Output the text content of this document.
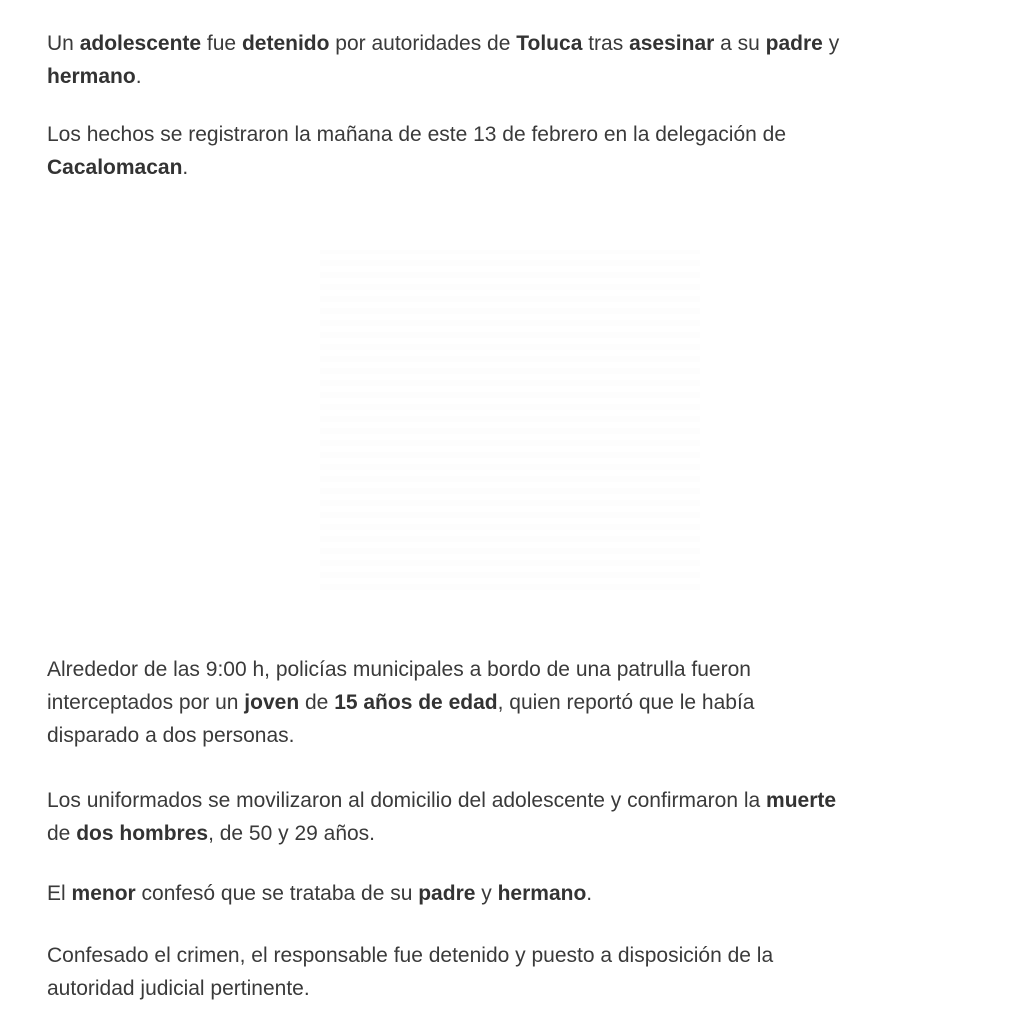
Un adolescente fue detenido por autoridades de Toluca tras asesinar a su padre y
hermano.

Los hechos se registraron la mañana de este 13 de febrero en la delegación de
Cacalomacan.

Alrededor de las 9:00 h, policías municipales a bordo de una patrulla fueron
interceptados por un joven de 15 años de edad, quien reportó que le había
disparado a dos personas.

Los uniformados se movilizaron al domicilio del adolescente y confirmaron la muerte
de dos hombres, de 50 y 29 años.

El menor confesó que se trataba de su padre y hermano.

Confesado el crimen, el responsable fue detenido y puesto a disposición de la
autoridad judicial pertinente.
